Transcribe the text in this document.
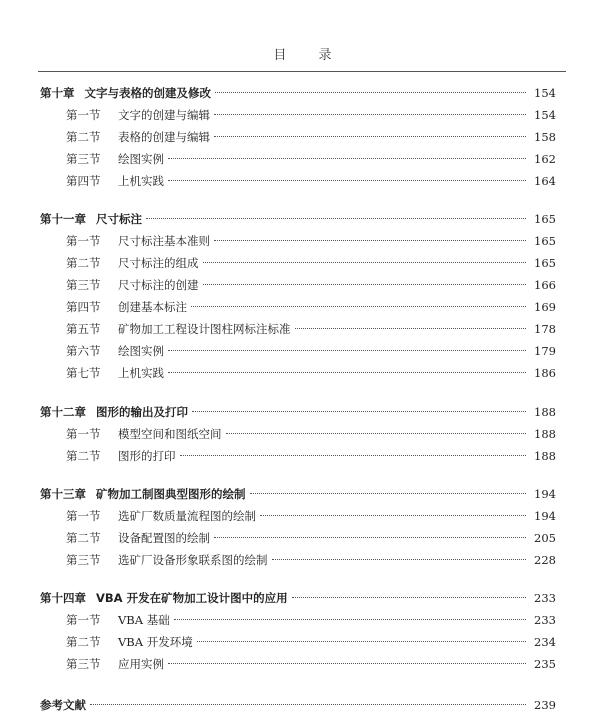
目 录
第十章 文字与表格的创建及修改	154
第一节	文字的创建与编辑	154
第二节	表格的创建与编辑	158
第三节	绘图实例	162
第四节	上机实践	164
第十一章 尺寸标注	165
第一节	尺寸标注基本准则	165
第二节	尺寸标注的组成	165
第三节	尺寸标注的创建	166
第四节	创建基本标注	169
第五节	矿物加工工程设计图柱网标注标准	178
第六节	绘图实例	179
第七节	上机实践	186
第十二章 图形的输出及打印	188
第一节	模型空间和图纸空间	188
第二节	图形的打印	188
第十三章 矿物加工制图典型图形的绘制	194
第一节	选矿厂数质量流程图的绘制	194
第二节	设备配置图的绘制	205
第三节	选矿厂设备形象联系图的绘制	228
第十四章 VBA 开发在矿物加工设计图中的应用	233
第一节	VBA 基础	233
第二节	VBA 开发环境	234
第三节	应用实例	235
参考文献	239
